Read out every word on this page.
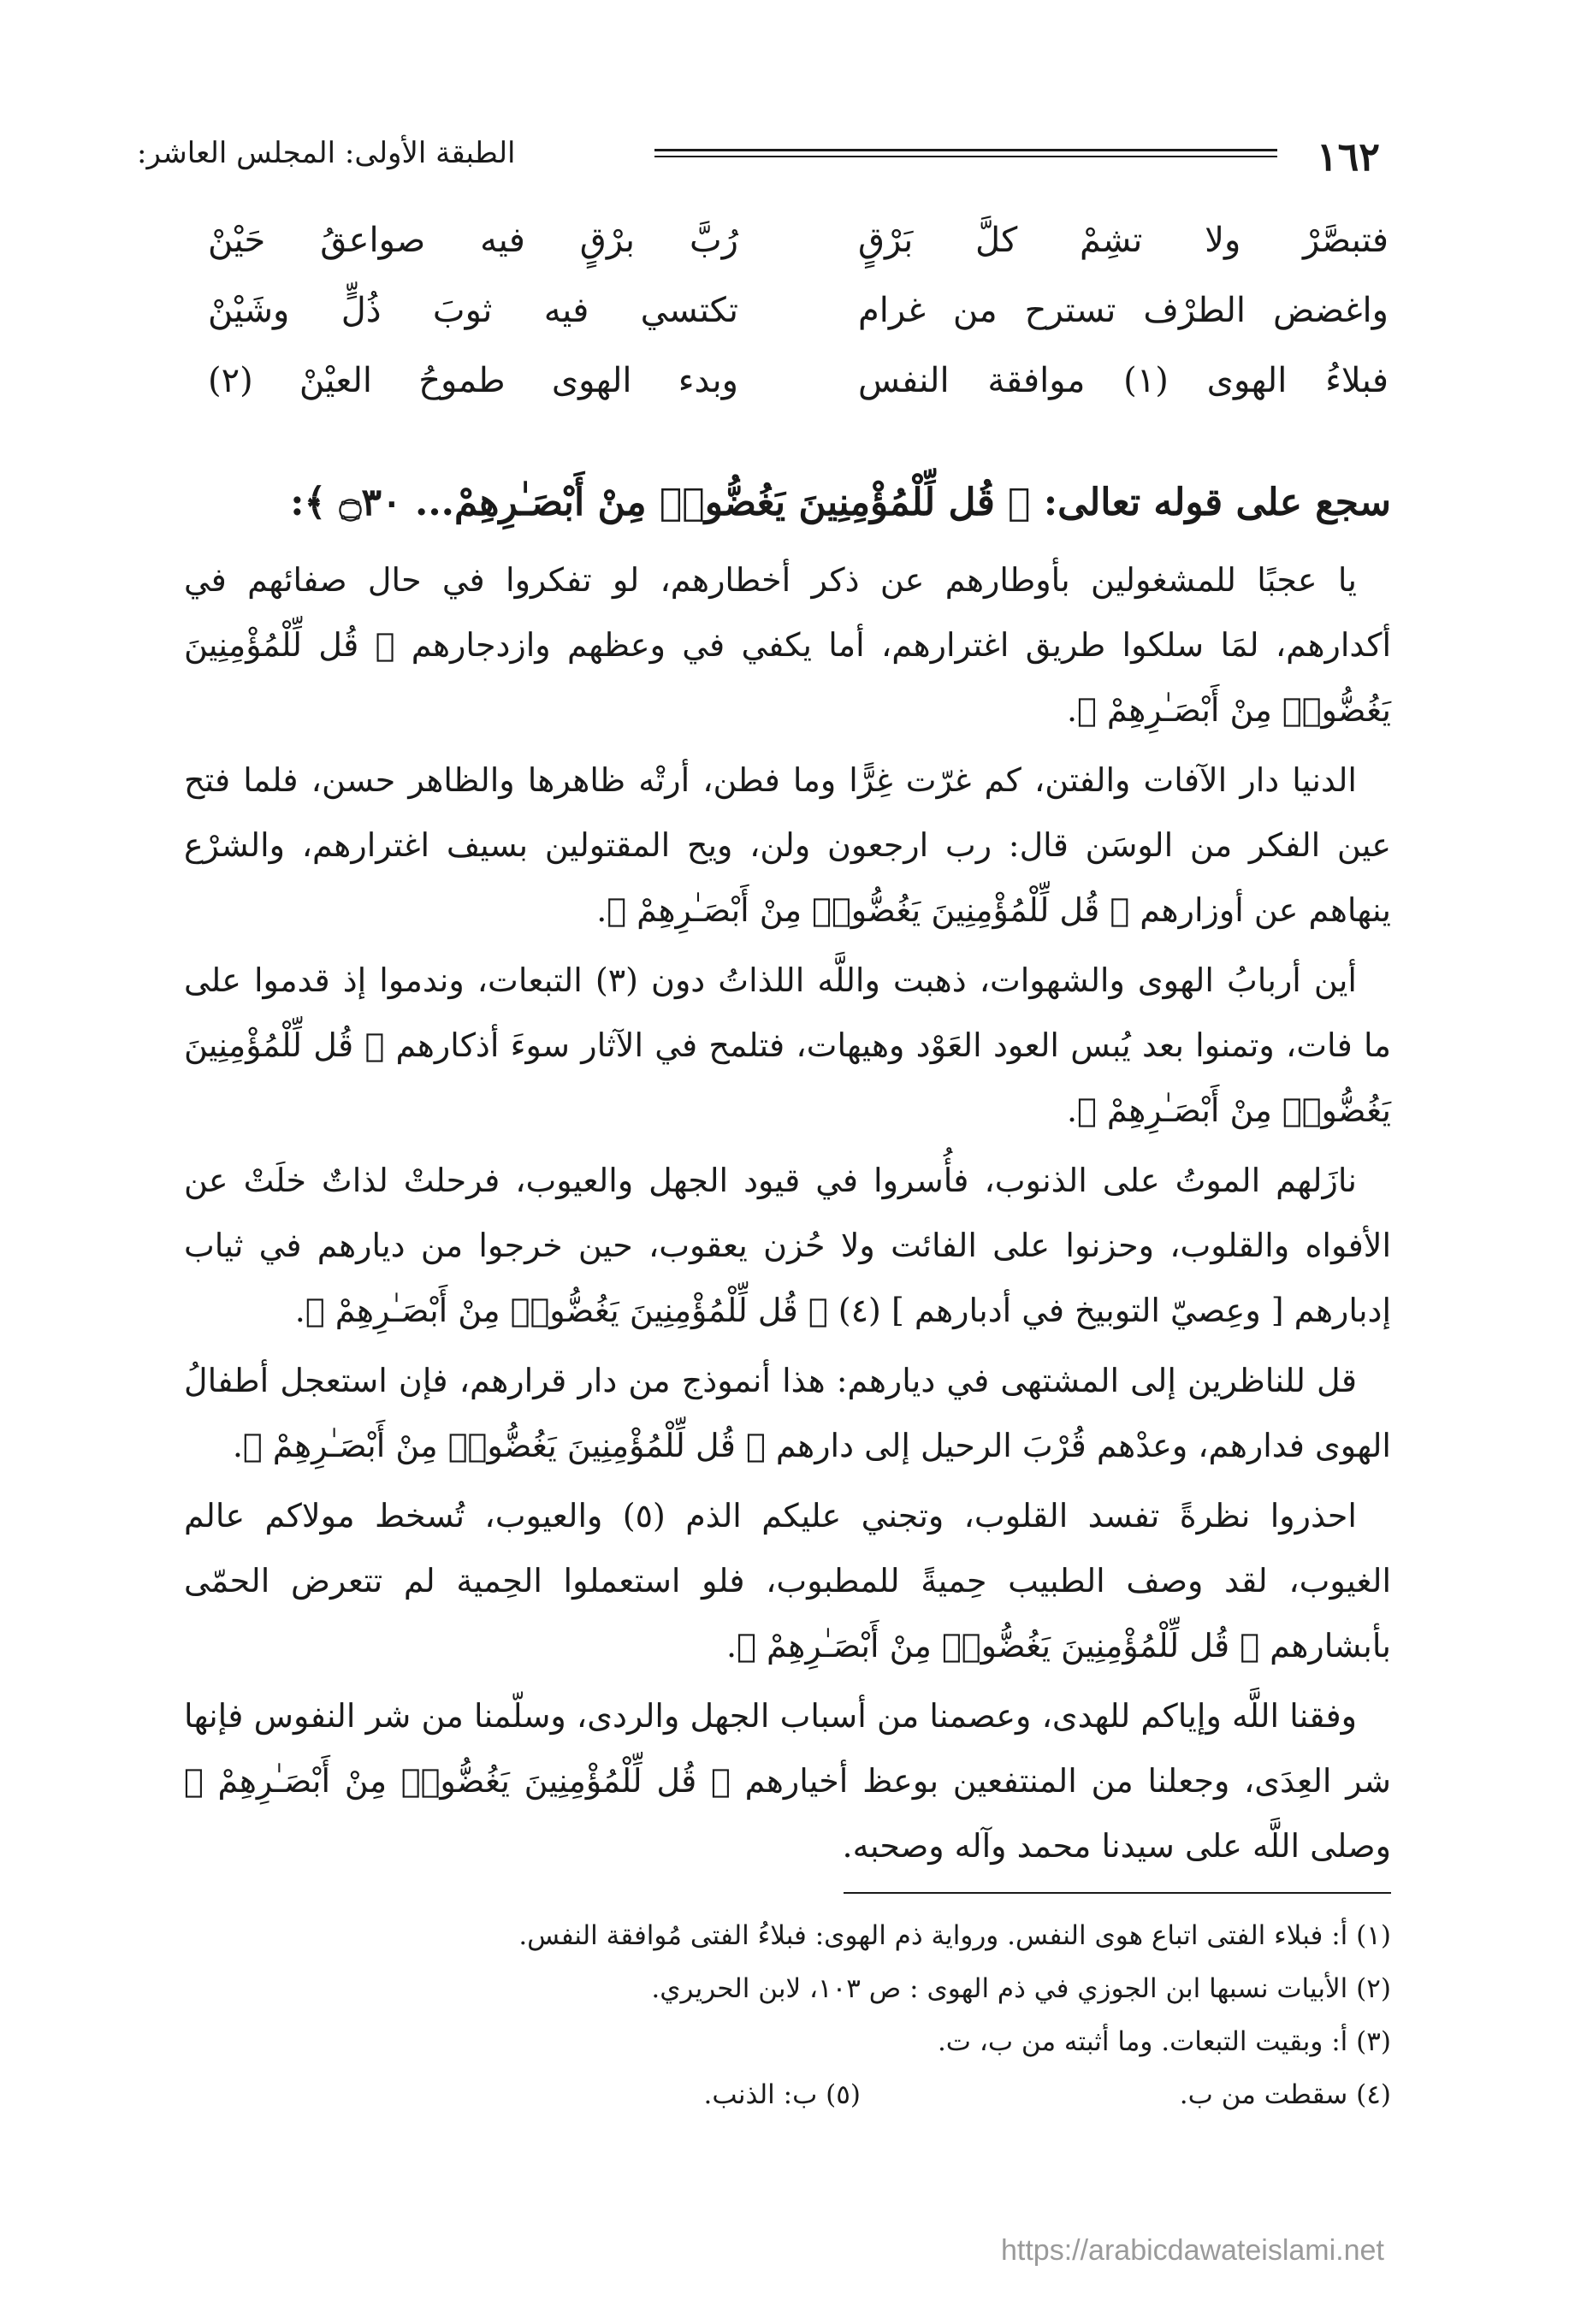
١٦٢
الطبقة الأولى: المجلس العاشر:
فتبصَّرْ ولا تشِمْ كلَّ بَرْقٍ
رُبَّ برْقٍ فيه صواعقُ حَيْنْ
واغضض الطرْف تسترح من غرام
تكتسي فيه ثوبَ ذُلٍّ وشَيْنْ
فبلاءُ الهوى (١) موافقة النفس
وبدء الهوى طموحُ العيْنْ (٢)
سجع على قوله تعالى: ﴿ قُل لِّلْمُؤْمِنِينَ يَغُضُّوا۟ مِنْ أَبْصَـٰرِهِمْ... ۝٣٠ ﴾:

يا عجبًا للمشغولين بأوطارهم عن ذكر أخطارهم، لو تفكروا في حال صفائهم في أكدارهم، لمَا سلكوا طريق اغترارهم، أما يكفي في وعظهم وازدجارهم ﴿ قُل لِّلْمُؤْمِنِينَ يَغُضُّوا۟ مِنْ أَبْصَـٰرِهِمْ ﴾.

الدنيا دار الآفات والفتن، كم غرّت غِرًّا وما فطن، أرتْه ظاهرها والظاهر حسن، فلما فتح عين الفكر من الوسَن قال: رب ارجعون ولن، ويح المقتولين بسيف اغترارهم، والشرْع ينهاهم عن أوزارهم ﴿ قُل لِّلْمُؤْمِنِينَ يَغُضُّوا۟ مِنْ أَبْصَـٰرِهِمْ ﴾.

أين أربابُ الهوى والشهوات، ذهبت واللَّه اللذاتُ دون (٣) التبعات، وندموا إذ قدموا على ما فات، وتمنوا بعد يُبس العود العَوْد وهيهات، فتلمح في الآثار سوءَ أذكارهم ﴿ قُل لِّلْمُؤْمِنِينَ يَغُضُّوا۟ مِنْ أَبْصَـٰرِهِمْ ﴾.

نازَلهم الموتُ على الذنوب، فأُسروا في قيود الجهل والعيوب، فرحلتْ لذاتٌ خلَتْ عن الأفواه والقلوب، وحزنوا على الفائت ولا حُزن يعقوب، حين خرجوا من ديارهم في ثياب إدبارهم [ وعِصيّ التوبيخ في أدبارهم ] (٤) ﴿ قُل لِّلْمُؤْمِنِينَ يَغُضُّوا۟ مِنْ أَبْصَـٰرِهِمْ ﴾.

قل للناظرين إلى المشتهى في ديارهم: هذا أنموذج من دار قرارهم، فإن استعجل أطفالُ الهوى فدارهم، وعدْهم قُرْبَ الرحيل إلى دارهم ﴿ قُل لِّلْمُؤْمِنِينَ يَغُضُّوا۟ مِنْ أَبْصَـٰرِهِمْ ﴾.

احذروا نظرةً تفسد القلوب، وتجني عليكم الذم (٥) والعيوب، تُسخط مولاكم عالم الغيوب، لقد وصف الطبيب حِميةً للمطبوب، فلو استعملوا الحِمية لم تتعرض الحمّى بأبشارهم ﴿ قُل لِّلْمُؤْمِنِينَ يَغُضُّوا۟ مِنْ أَبْصَـٰرِهِمْ ﴾.

وفقنا اللَّه وإياكم للهدى، وعصمنا من أسباب الجهل والردى، وسلّمنا من شر النفوس فإنها شر العِدَى، وجعلنا من المنتفعين بوعظ أخيارهم ﴿ قُل لِّلْمُؤْمِنِينَ يَغُضُّوا۟ مِنْ أَبْصَـٰرِهِمْ ﴾ وصلى اللَّه على سيدنا محمد وآله وصحبه.

(١) أ: فبلاء الفتى اتباع هوى النفس. ورواية ذم الهوى: فبلاءُ الفتى مُوافقة النفس.
(٢) الأبيات نسبها ابن الجوزي في ذم الهوى : ص ١٠٣، لابن الحريري.
(٣) أ: وبقيت التبعات. وما أثبته من ب، ت.
(٤) سقطت من ب.
(٥) ب: الذنب.
https://arabicdawateislami.net
